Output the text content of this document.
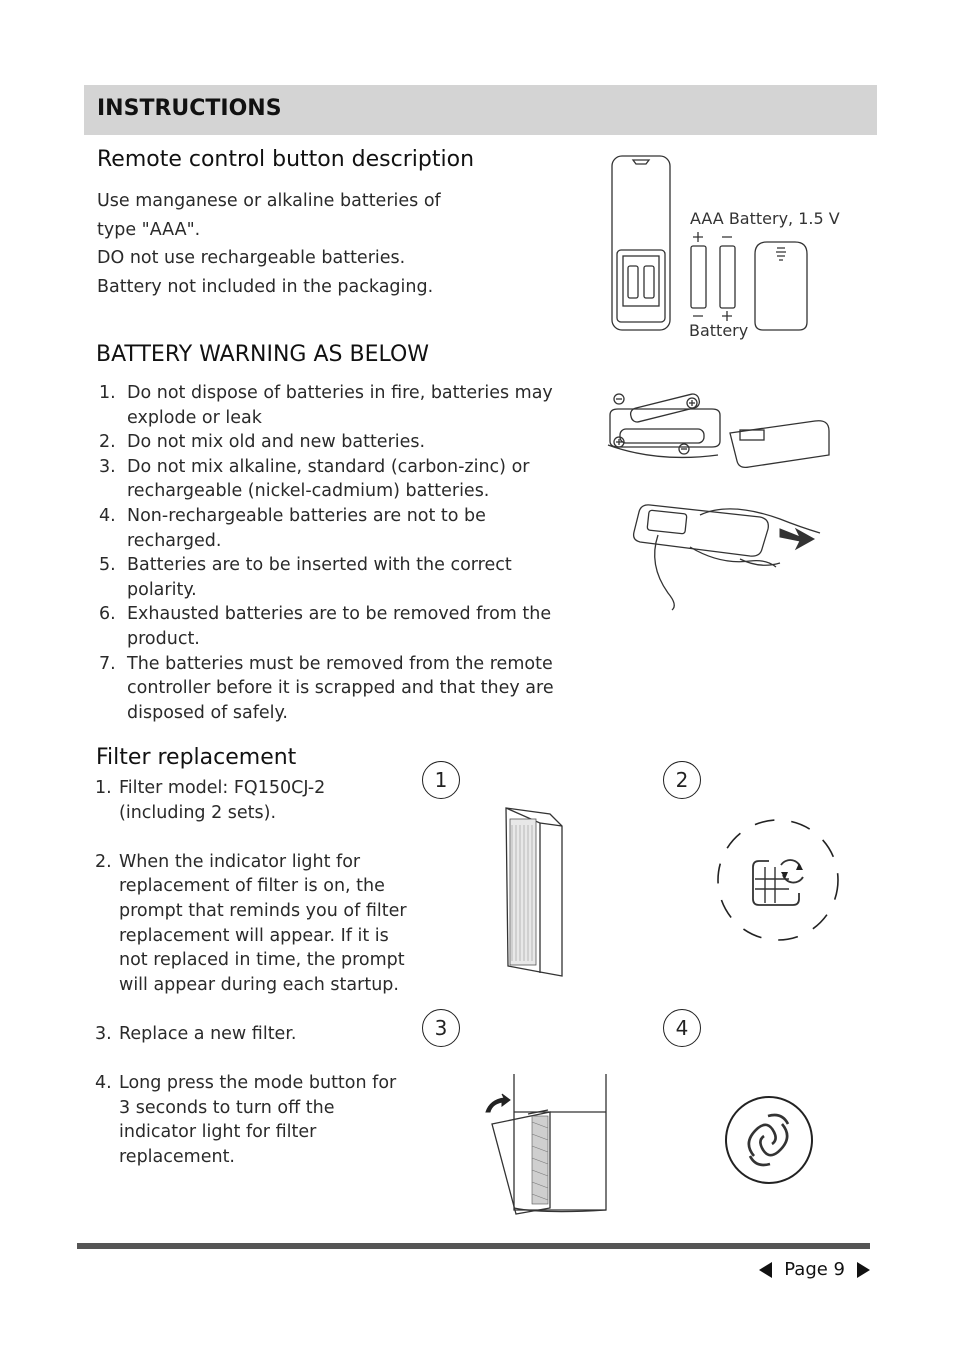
INSTRUCTIONS
Remote control button description
Use manganese or alkaline batteries of
type "AAA".
DO not use rechargeable batteries.
Battery not included in the packaging.
AAA Battery, 1.5 V
Battery
BATTERY WARNING AS BELOW
1. Do not dispose of batteries in fire, batteries may explode or leak
2. Do not mix old and new batteries.
3. Do not mix alkaline, standard (carbon-zinc) or rechargeable (nickel-cadmium) batteries.
4. Non-rechargeable batteries are not to be recharged.
5. Batteries are to be inserted with the correct polarity.
6. Exhausted batteries are to be removed from the product.
7. The batteries must be removed from the remote controller before it is scrapped and that they are disposed of safely.
Filter replacement
1. Filter model: FQ150CJ-2 (including 2 sets).
2. When the indicator light for replacement of filter is on, the prompt that reminds you of filter replacement will appear. If it is not replaced in time, the prompt will appear during each startup.
3. Replace a new filter.
4. Long press the mode button for 3 seconds to turn off the indicator light for filter replacement.
1	2
3	4
Page 9
